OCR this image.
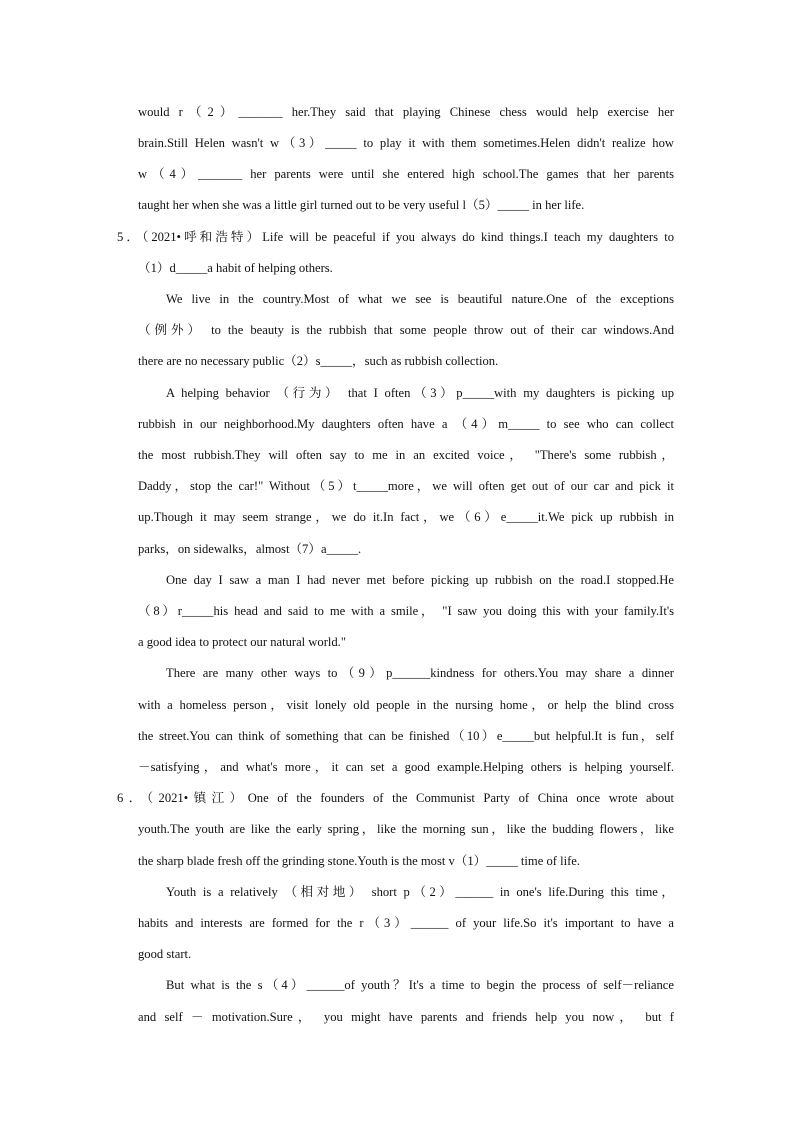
would r（2）_______ her.They said that playing Chinese chess would help exercise her
brain.Still Helen wasn't w（3）_____ to play it with them sometimes.Helen didn't realize how
w（4）_______ her parents were until she entered high school.The games that her parents
taught her when she was a little girl turned out to be very useful l（5）_____ in her life.
5．（2021•呼和浩特）Life will be peaceful if you always do kind things.I teach my daughters to
（1）d_____a habit of helping others.
We live in the country.Most of what we see is beautiful nature.One of the exceptions
（例外） to the beauty is the rubbish that some people throw out of their car windows.And
there are no necessary public（2）s_____，such as rubbish collection.
A helping behavior （行为） that I often（3）p_____with my daughters is picking up
rubbish in our neighborhood.My daughters often have a （4）m_____ to see who can collect
the most rubbish.They will often say to me in an excited voice， "There's some rubbish，
Daddy，stop the car!" Without（5）t_____more，we will often get out of our car and pick it
up.Though it may seem strange，we do it.In fact，we（6）e_____it.We pick up rubbish in
parks，on sidewalks，almost（7）a_____.
One day I saw a man I had never met before picking up rubbish on the road.I stopped.He
（8）r_____his head and said to me with a smile， "I saw you doing this with your family.It's
a good idea to protect our natural world."
There are many other ways to（9）p______kindness for others.You may share a dinner
with a homeless person，visit lonely old people in the nursing home，or help the blind cross
the street.You can think of something that can be finished（10）e_____but helpful.It is fun，self
－satisfying，and what's more，it can set a good example.Helping others is helping yourself.
6．（2021•镇江）One of the founders of the Communist Party of China once wrote about
youth.The youth are like the early spring，like the morning sun，like the budding flowers，like
the sharp blade fresh off the grinding stone.Youth is the most v（1）_____ time of life.
Youth is a relatively （相对地） short p（2）______ in one's life.During this time，
habits and interests are formed for the r（3）______ of your life.So it's important to have a
good start.
But what is the s（4）______of youth？It's a time to begin the process of self－reliance
and self － motivation.Sure， you might have parents and friends help you now， but f
